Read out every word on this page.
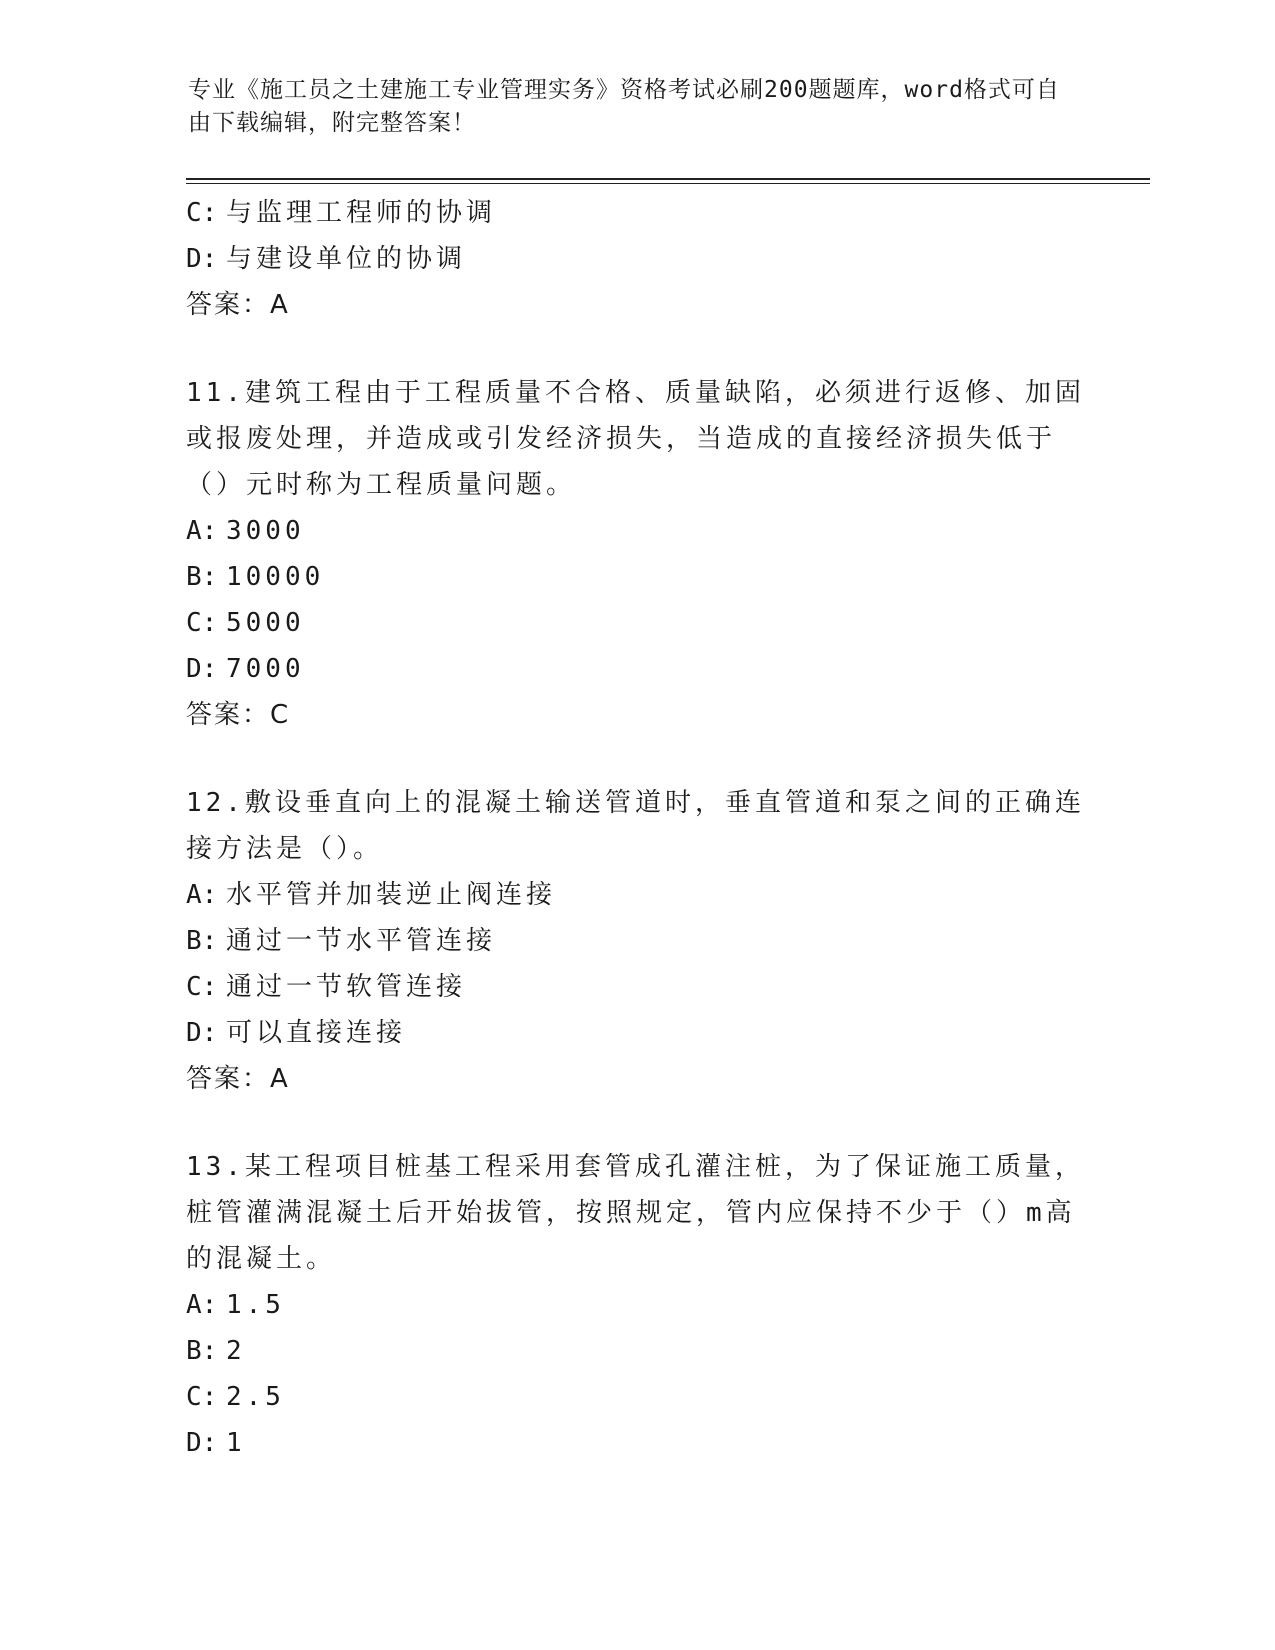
专业《施工员之土建施工专业管理实务》资格考试必刷200题题库，word格式可自由下载编辑，附完整答案！
C: 与监理工程师的协调
D: 与建设单位的协调
答案：A
11.建筑工程由于工程质量不合格、质量缺陷，必须进行返修、加固或报废处理，并造成或引发经济损失，当造成的直接经济损失低于（）元时称为工程质量问题。
A: 3000
B: 10000
C: 5000
D: 7000
答案：C
12.敷设垂直向上的混凝土输送管道时，垂直管道和泵之间的正确连接方法是（）。
A: 水平管并加装逆止阀连接
B: 通过一节水平管连接
C: 通过一节软管连接
D: 可以直接连接
答案：A
13.某工程项目桩基工程采用套管成孔灌注桩，为了保证施工质量，桩管灌满混凝土后开始拔管，按照规定，管内应保持不少于（）m高的混凝土。
A: 1.5
B: 2
C: 2.5
D: 1
